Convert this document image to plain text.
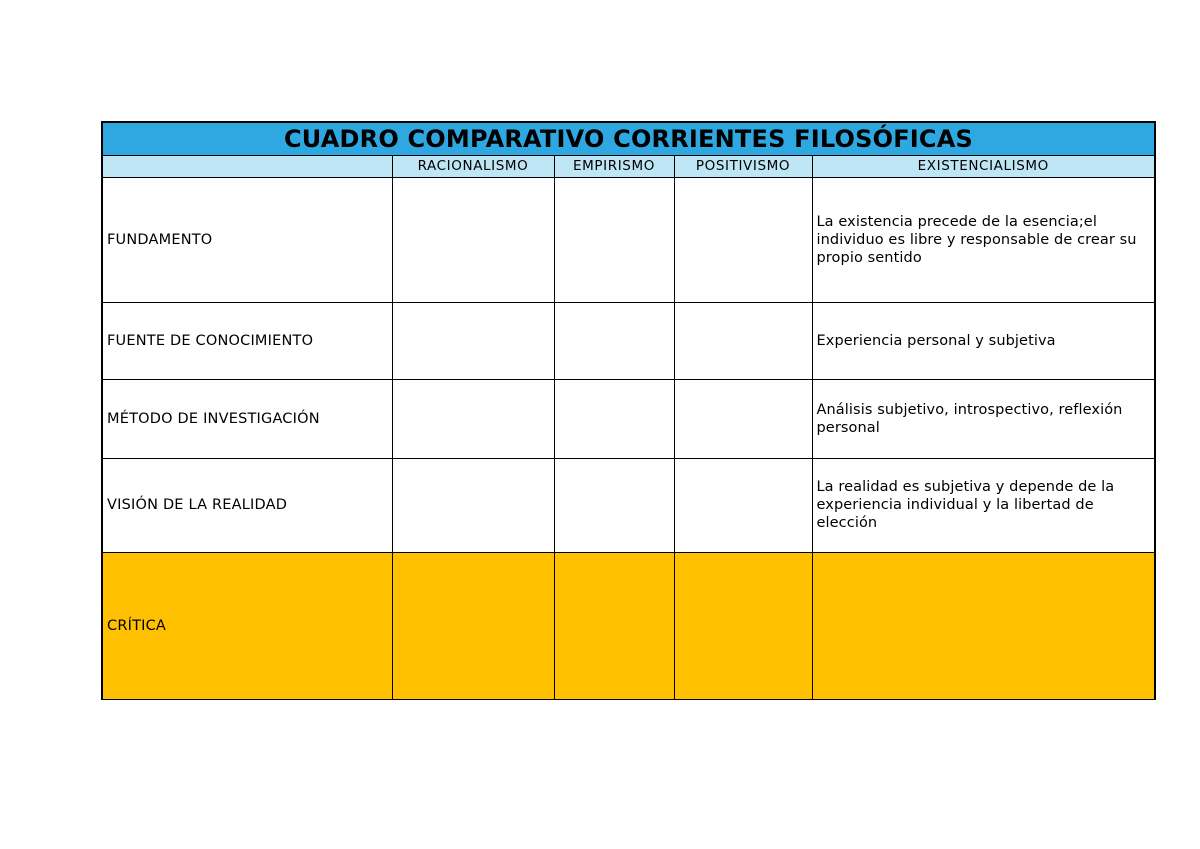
CUADRO COMPARATIVO CORRIENTES FILOSÓFICAS
	RACIONALISMO	EMPIRISMO	POSITIVISMO	EXISTENCIALISMO
FUNDAMENTO				La existencia precede de la esencia;el individuo es libre y responsable de crear su propio sentido
FUENTE DE CONOCIMIENTO				Experiencia personal y subjetiva
MÉTODO DE INVESTIGACIÓN				Análisis subjetivo, introspectivo, reflexión personal
VISIÓN DE LA REALIDAD				La realidad es subjetiva y depende de la experiencia individual y la libertad de elección
CRÍTICA				
